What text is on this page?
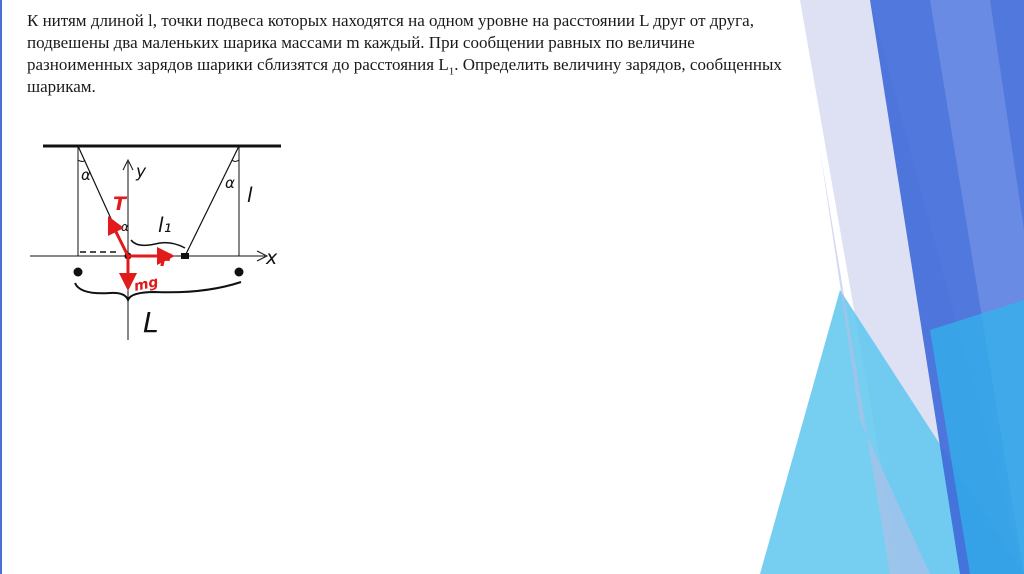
К нитям длиной l, точки подвеса которых находятся на одном уровне на расстоянии L друг от друга, подвешены два маленьких шарика массами m каждый. При сообщении равных по величине разноименных зарядов шарики сблизятся до расстояния $L_1$. Определить величину зарядов, сообщенных шарикам.

y
x
α	α l
α l₁
L
T
F
mg
